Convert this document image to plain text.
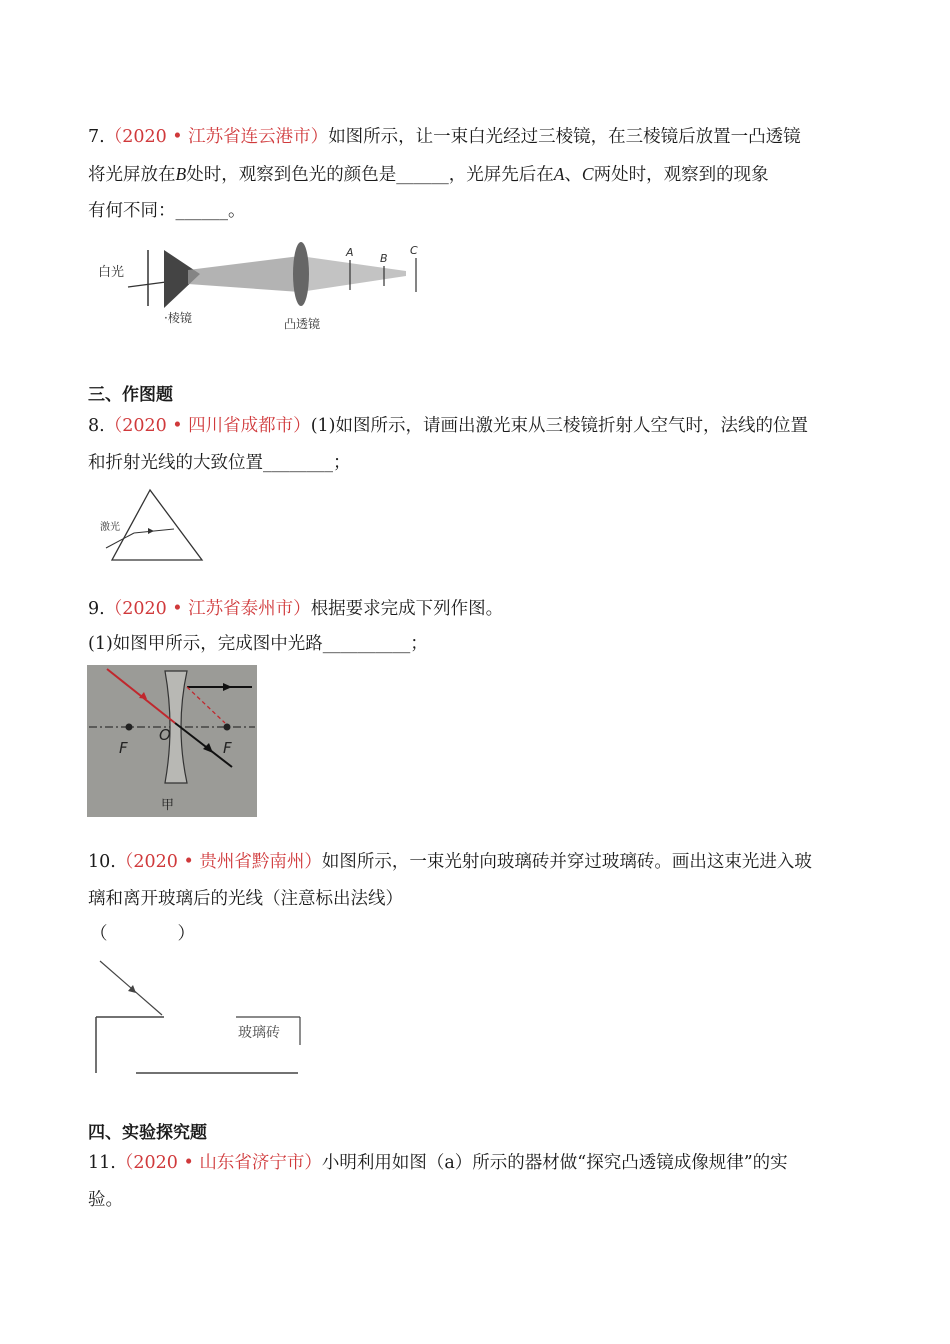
7.（2020 • 江苏省连云港市）如图所示，让一束白光经过三棱镜，在三棱镜后放置一凸透镜
将光屏放在B处时，观察到色光的颜色是______，光屏先后在A、C两处时，观察到的现象
有何不同：______。
白光
A B
C
·棱镜	凸透镜
三、作图题
8.（2020 • 四川省成都市）(1)如图所示，请画出激光束从三棱镜折射人空气时，法线的位置
和折射光线的大致位置________；
激光
9.（2020 • 江苏省泰州市）根据要求完成下列作图。
(1)如图甲所示，完成图中光路__________；
F
O
F
甲
10.（2020 • 贵州省黔南州）如图所示，一束光射向玻璃砖并穿过玻璃砖。画出这束光进入玻
璃和离开玻璃后的光线（注意标出法线）
（　　　　）
玻璃砖
四、实验探究题
11.（2020 • 山东省济宁市）小明利用如图（a）所示的器材做“探究凸透镜成像规律”的实
验。
